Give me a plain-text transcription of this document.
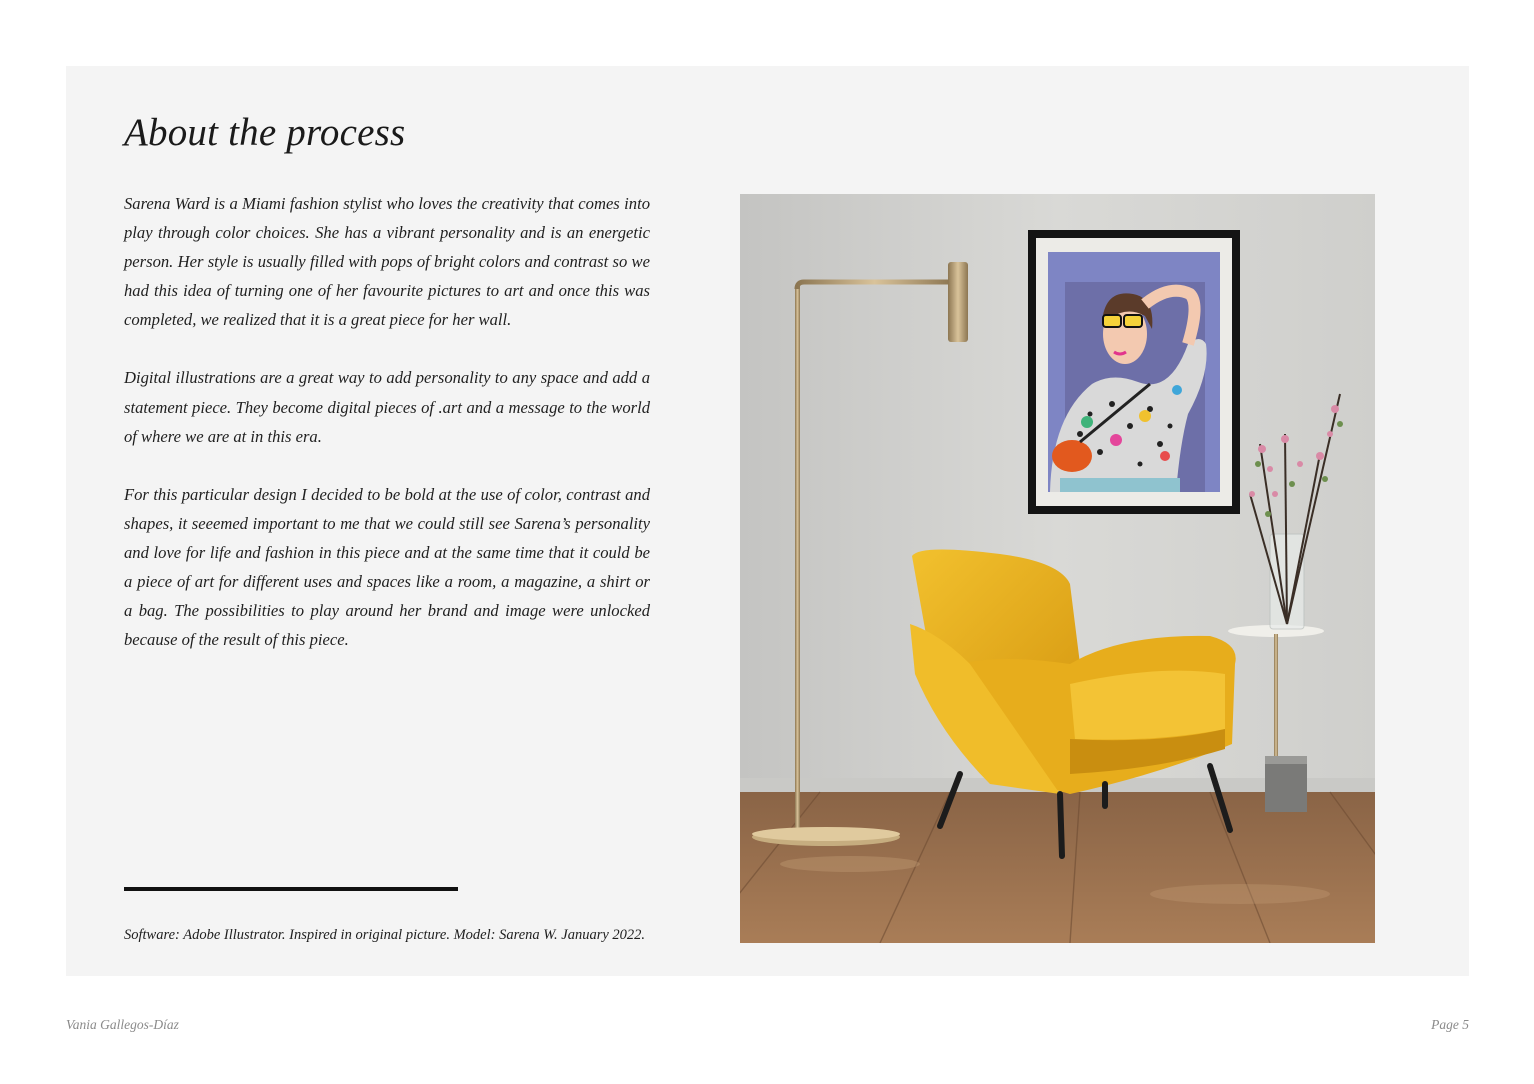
About the process

Sarena Ward is a Miami fashion stylist who loves the creativity that comes into play through color choices. She has a vibrant personality and is an energetic person. Her style is usually filled with pops of bright colors and contrast so we had this idea of turning one of her favourite pictures to art and once this was completed, we realized that it is a great piece for her wall.

Digital illustrations are a great way to add personality to any space and add a statement piece. They become digital pieces of .art and a message to the world of where we are at in this era.

For this particular design I decided to be bold at the use of color, contrast and shapes, it seeemed important to me that we could still see Sarena’s personality and love for life and fashion in this piece and at the same time that it could be a piece of art for different uses and spaces like a room, a magazine, a shirt or a bag. The possibilities to play around her brand and image were unlocked because of the result of this piece.

Software: Adobe Illustrator. Inspired in original picture. Model: Sarena W. January 2022.

Vania Gallegos-Díaz	Page 5
